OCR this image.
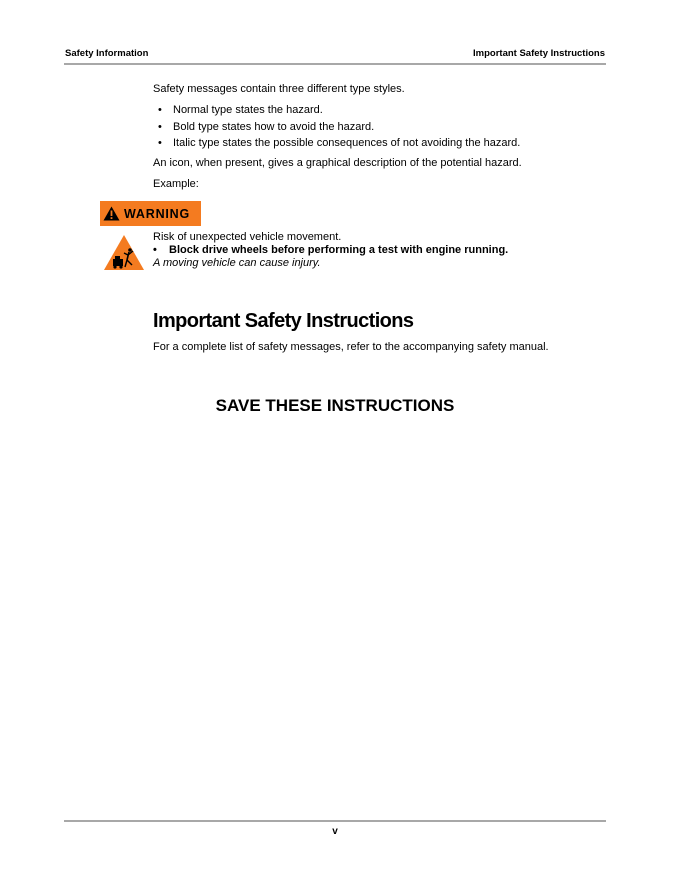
Safety Information	Important Safety Instructions

Safety messages contain three different type styles.

• Normal type states the hazard.
• Bold type states how to avoid the hazard.
• Italic type states the possible consequences of not avoiding the hazard.

An icon, when present, gives a graphical description of the potential hazard.

Example:

WARNING
Risk of unexpected vehicle movement.
• Block drive wheels before performing a test with engine running.
A moving vehicle can cause injury.
Important Safety Instructions
For a complete list of safety messages, refer to the accompanying safety manual.
SAVE THESE INSTRUCTIONS
v
